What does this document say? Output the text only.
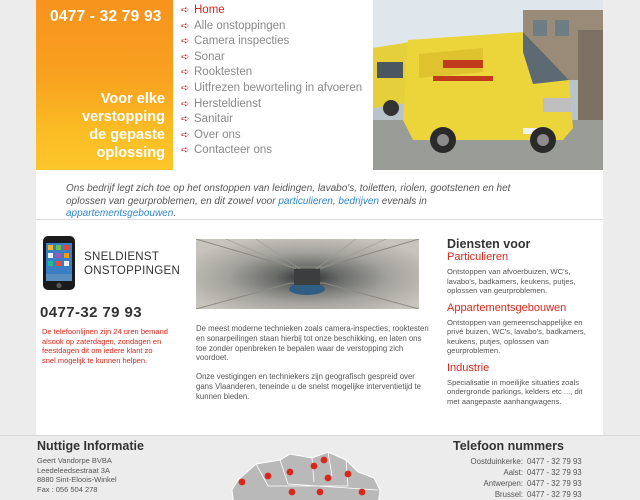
0477 - 32 79 93
Voor elke
verstopping
de gepaste
oplossing
➪ Home
➪ Alle onstoppingen
➪ Camera inspecties
➪ Sonar
➪ Rooktesten
➪ Uitfrezen beworteling in afvoeren
➪ Hersteldienst
➪ Sanitair
➪ Over ons
➪ Contacteer ons
Ons bedrijf legt zich toe op het onstoppen van leidingen, lavabo's, toiletten, riolen, gootstenen en het
oplossen van geurproblemen, en dit zowel voor particulieren, bedrijven evenals in appartementsgebouwen.
SNELDIENST
ONSTOPPINGEN
0477-32 79 93
De telefoonlijnen zijn 24 uren bemand alsook op zaterdagen, zondagen en feestdagen dit om iedere klant zo snel mogelijk te kunnen helpen.

De meest moderne technieken zoals camera-inspecties, rooktesten en sonarpeilingen staan hierbij tot onze beschikking, en laten ons toe zonder openbreken te bepalen waar de verstopping zich voordoet.

Onze vestigingen en techniekers zijn geografisch gespreid over gans Vlaanderen, teneinde u de snelst mogelijke interventietijd te kunnen bieden.

Diensten voor
Particulieren

Ontstoppen van afvoerbuizen, WC's, lavabo's, badkamers, keukens, putjes, oplossen van geurproblemen.

Appartementsgebouwen

Ontstoppen van gemeenschappelijke en privé buizen, WC's, lavabo's, badkamers, keukens, putjes, oplossen van geurproblemen.

Industrie

Specialisatie in moeilijke situaties zoals ondergronde parkings, kelders etc ..., dit met aangepaste aanhangwagens.

Nuttige Informatie
Geert Vandorpe BVBA
Leedeleedsestraat 3A
8880 Sint-Eloois-Winkel
Fax : 056 504 278
Telefoon nummers
Oostduinkerke: 0477 - 32 79 93
Aalst: 0477 - 32 79 93
Antwerpen: 0477 - 32 79 93
Brussel: 0477 - 32 79 93
